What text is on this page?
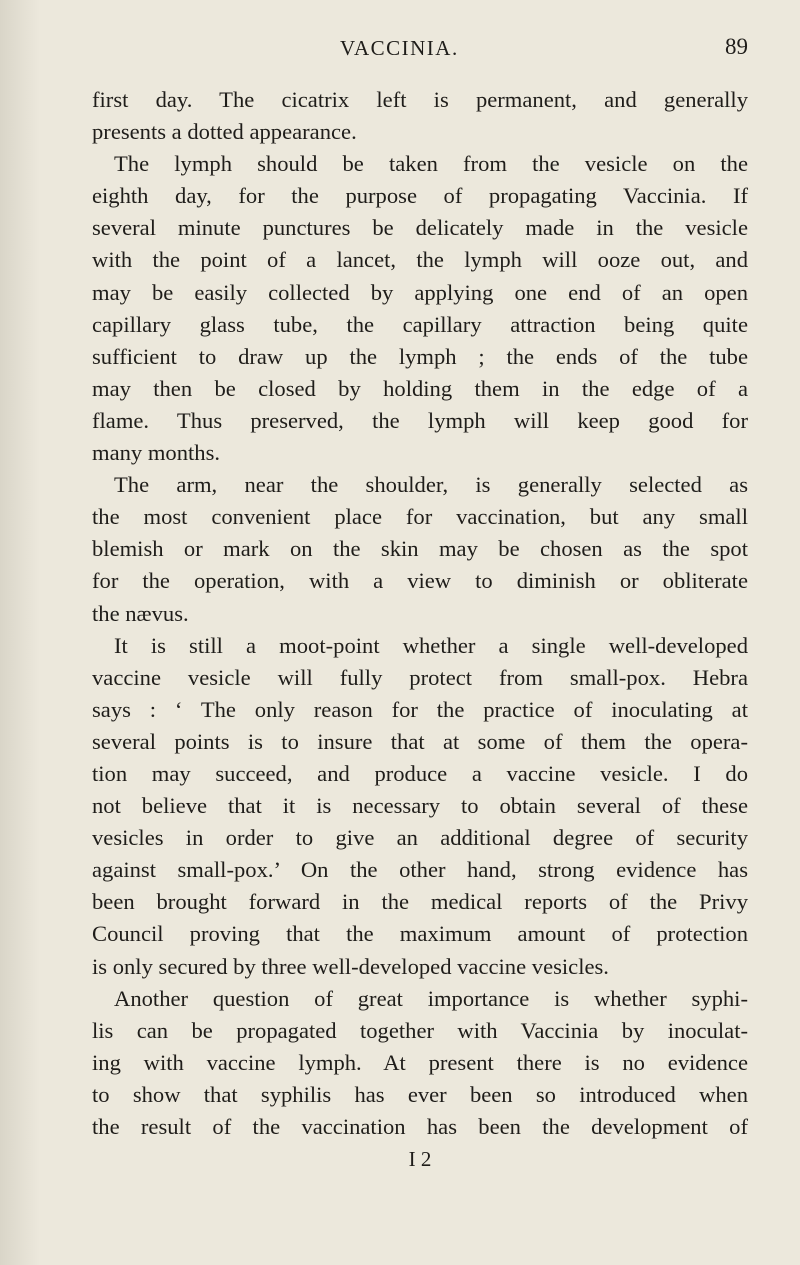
VACCINIA.	89
first day. The cicatrix left is permanent, and generally
presents a dotted appearance.
The lymph should be taken from the vesicle on the
eighth day, for the purpose of propagating Vaccinia. If
several minute punctures be delicately made in the vesicle
with the point of a lancet, the lymph will ooze out, and
may be easily collected by applying one end of an open
capillary glass tube, the capillary attraction being quite
sufficient to draw up the lymph ; the ends of the tube
may then be closed by holding them in the edge of a
flame. Thus preserved, the lymph will keep good for
many months.
The arm, near the shoulder, is generally selected as
the most convenient place for vaccination, but any small
blemish or mark on the skin may be chosen as the spot
for the operation, with a view to diminish or obliterate
the nævus.
It is still a moot-point whether a single well-developed
vaccine vesicle will fully protect from small-pox. Hebra
says : ‘ The only reason for the practice of inoculating at
several points is to insure that at some of them the opera-
tion may succeed, and produce a vaccine vesicle. I do
not believe that it is necessary to obtain several of these
vesicles in order to give an additional degree of security
against small-pox.’ On the other hand, strong evidence has
been brought forward in the medical reports of the Privy
Council proving that the maximum amount of protection
is only secured by three well-developed vaccine vesicles.
Another question of great importance is whether syphi-
lis can be propagated together with Vaccinia by inoculat-
ing with vaccine lymph. At present there is no evidence
to show that syphilis has ever been so introduced when
the result of the vaccination has been the development of
I 2
